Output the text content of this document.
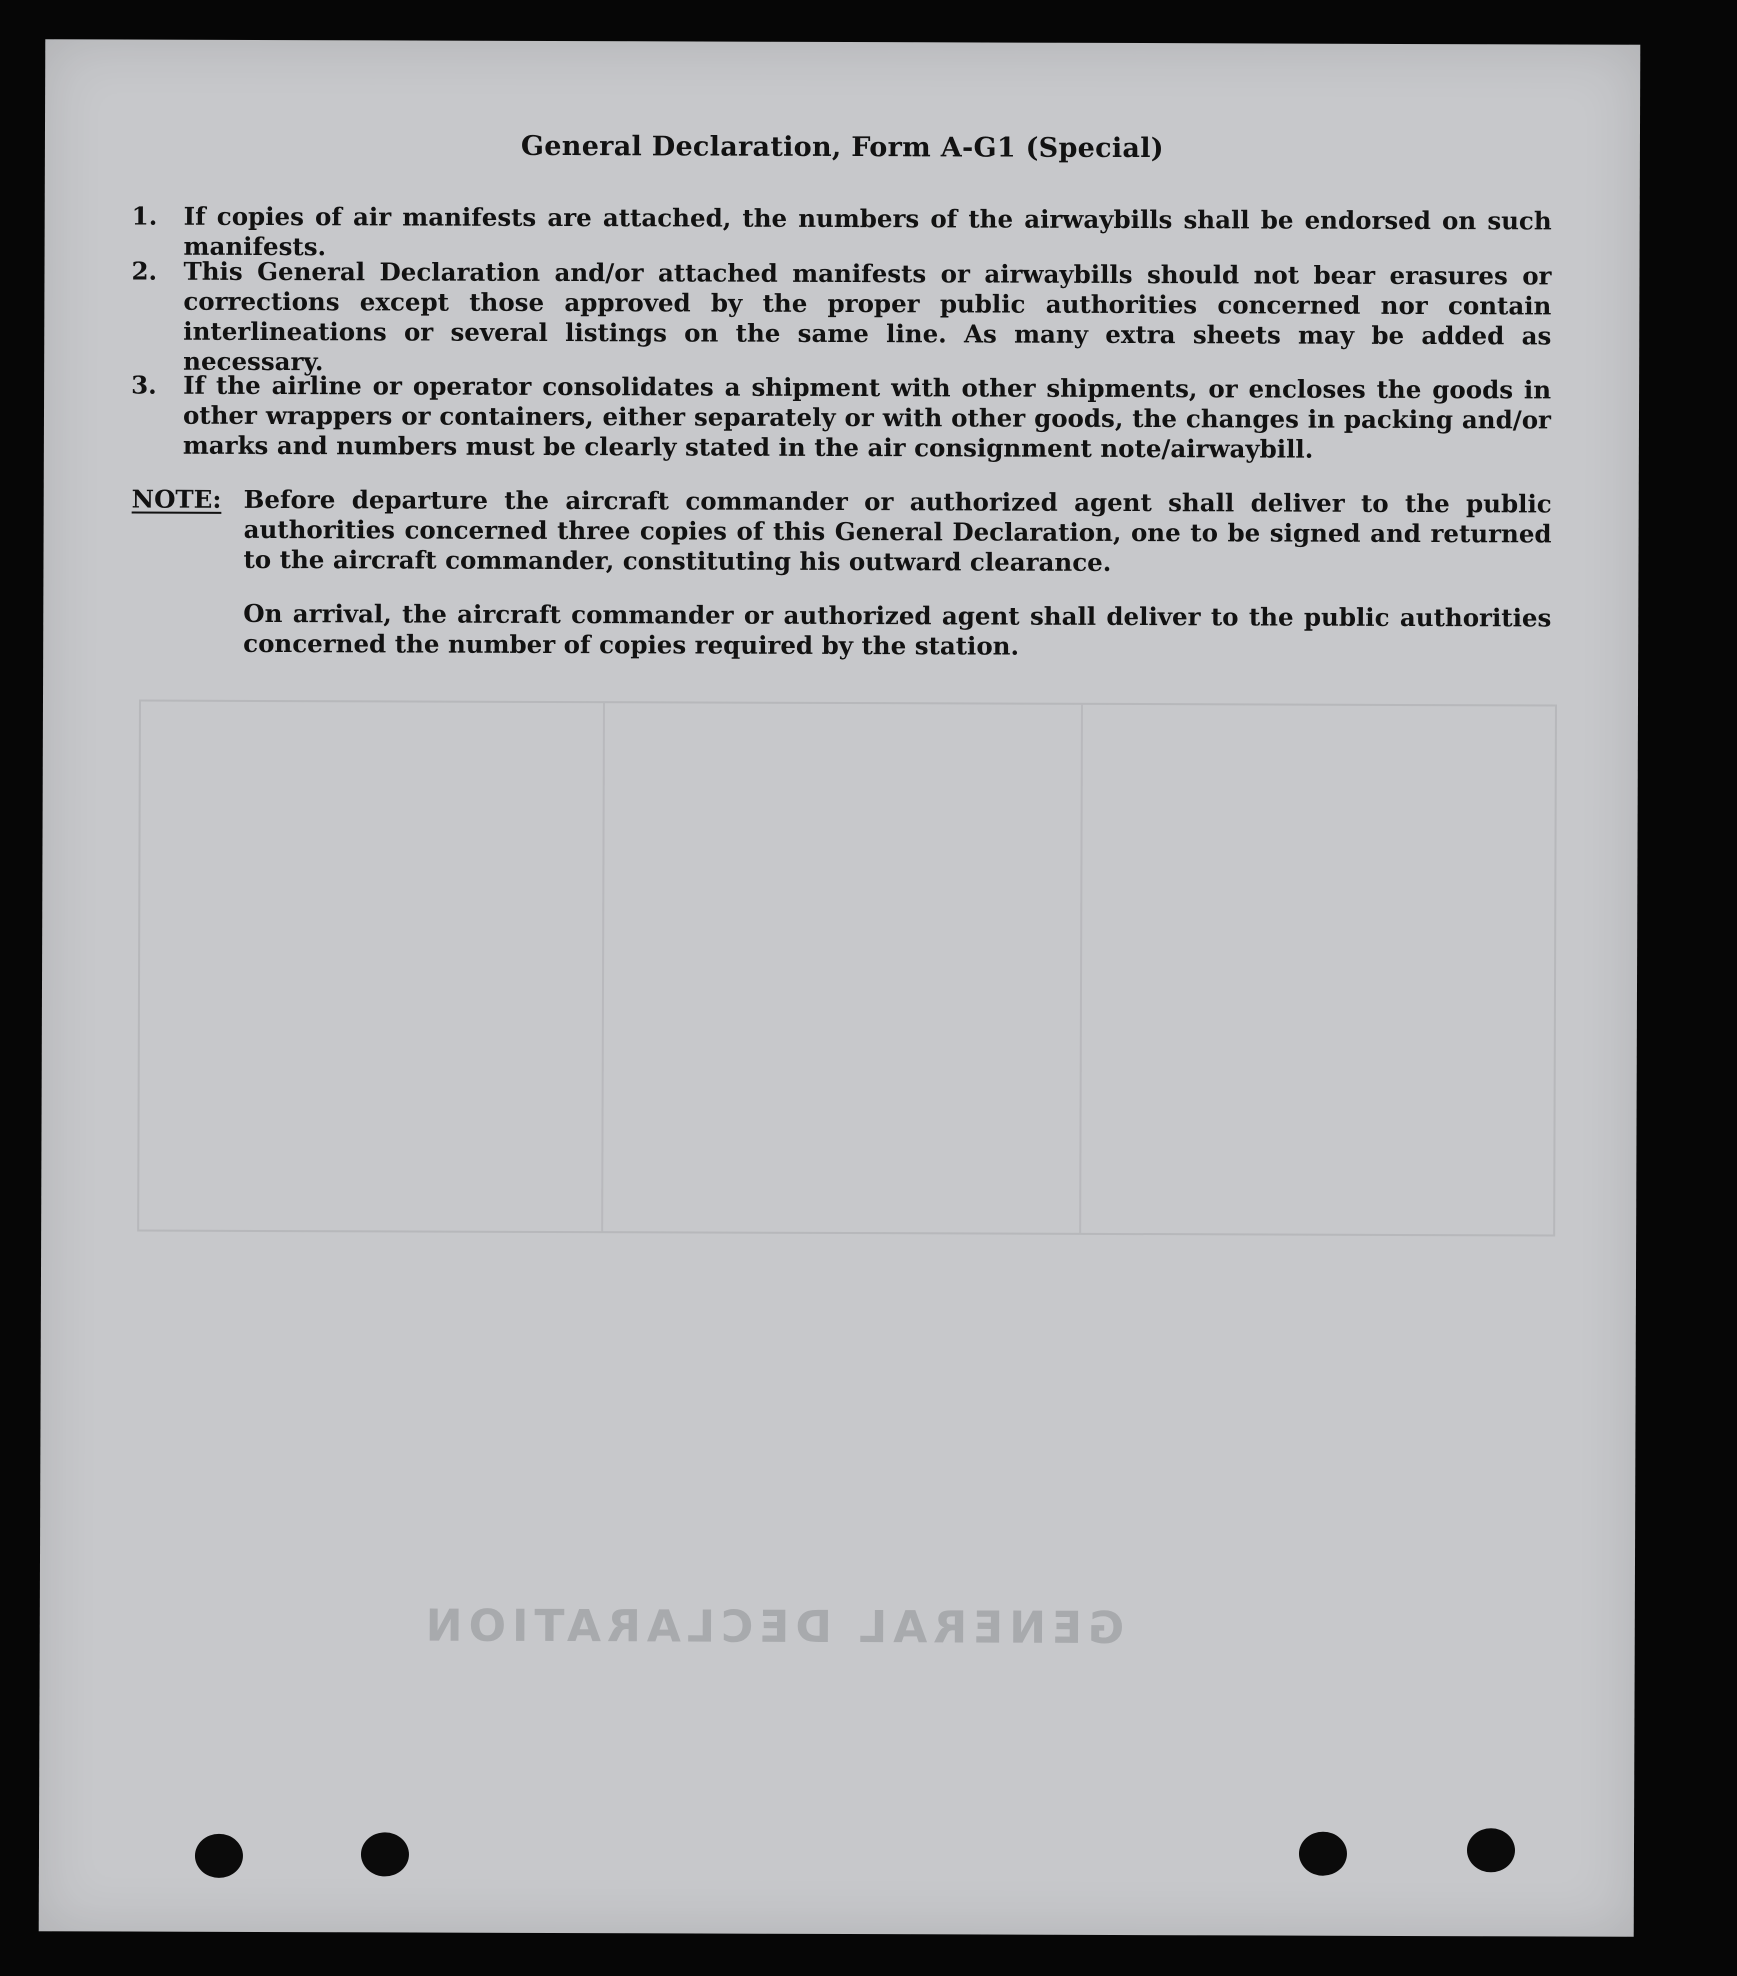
GENERAL DECLARATION
General Declaration, Form A-G1 (Special)
1. If copies of air manifests are attached, the numbers of the airwaybills shall be endorsed on such manifests.
2. This General Declaration and/or attached manifests or airwaybills should not bear erasures or corrections except those approved by the proper public authorities concerned nor contain interlineations or several listings on the same line. As many extra sheets may be added as necessary.
3. If the airline or operator consolidates a shipment with other shipments, or encloses the goods in other wrappers or containers, either separately or with other goods, the changes in packing and/or marks and numbers must be clearly stated in the air consignment note/airwaybill.
NOTE: Before departure the aircraft commander or authorized agent shall deliver to the public authorities concerned three copies of this General Declaration, one to be signed and returned to the aircraft commander, constituting his outward clearance.
On arrival, the aircraft commander or authorized agent shall deliver to the public authorities concerned the number of copies required by the station.
